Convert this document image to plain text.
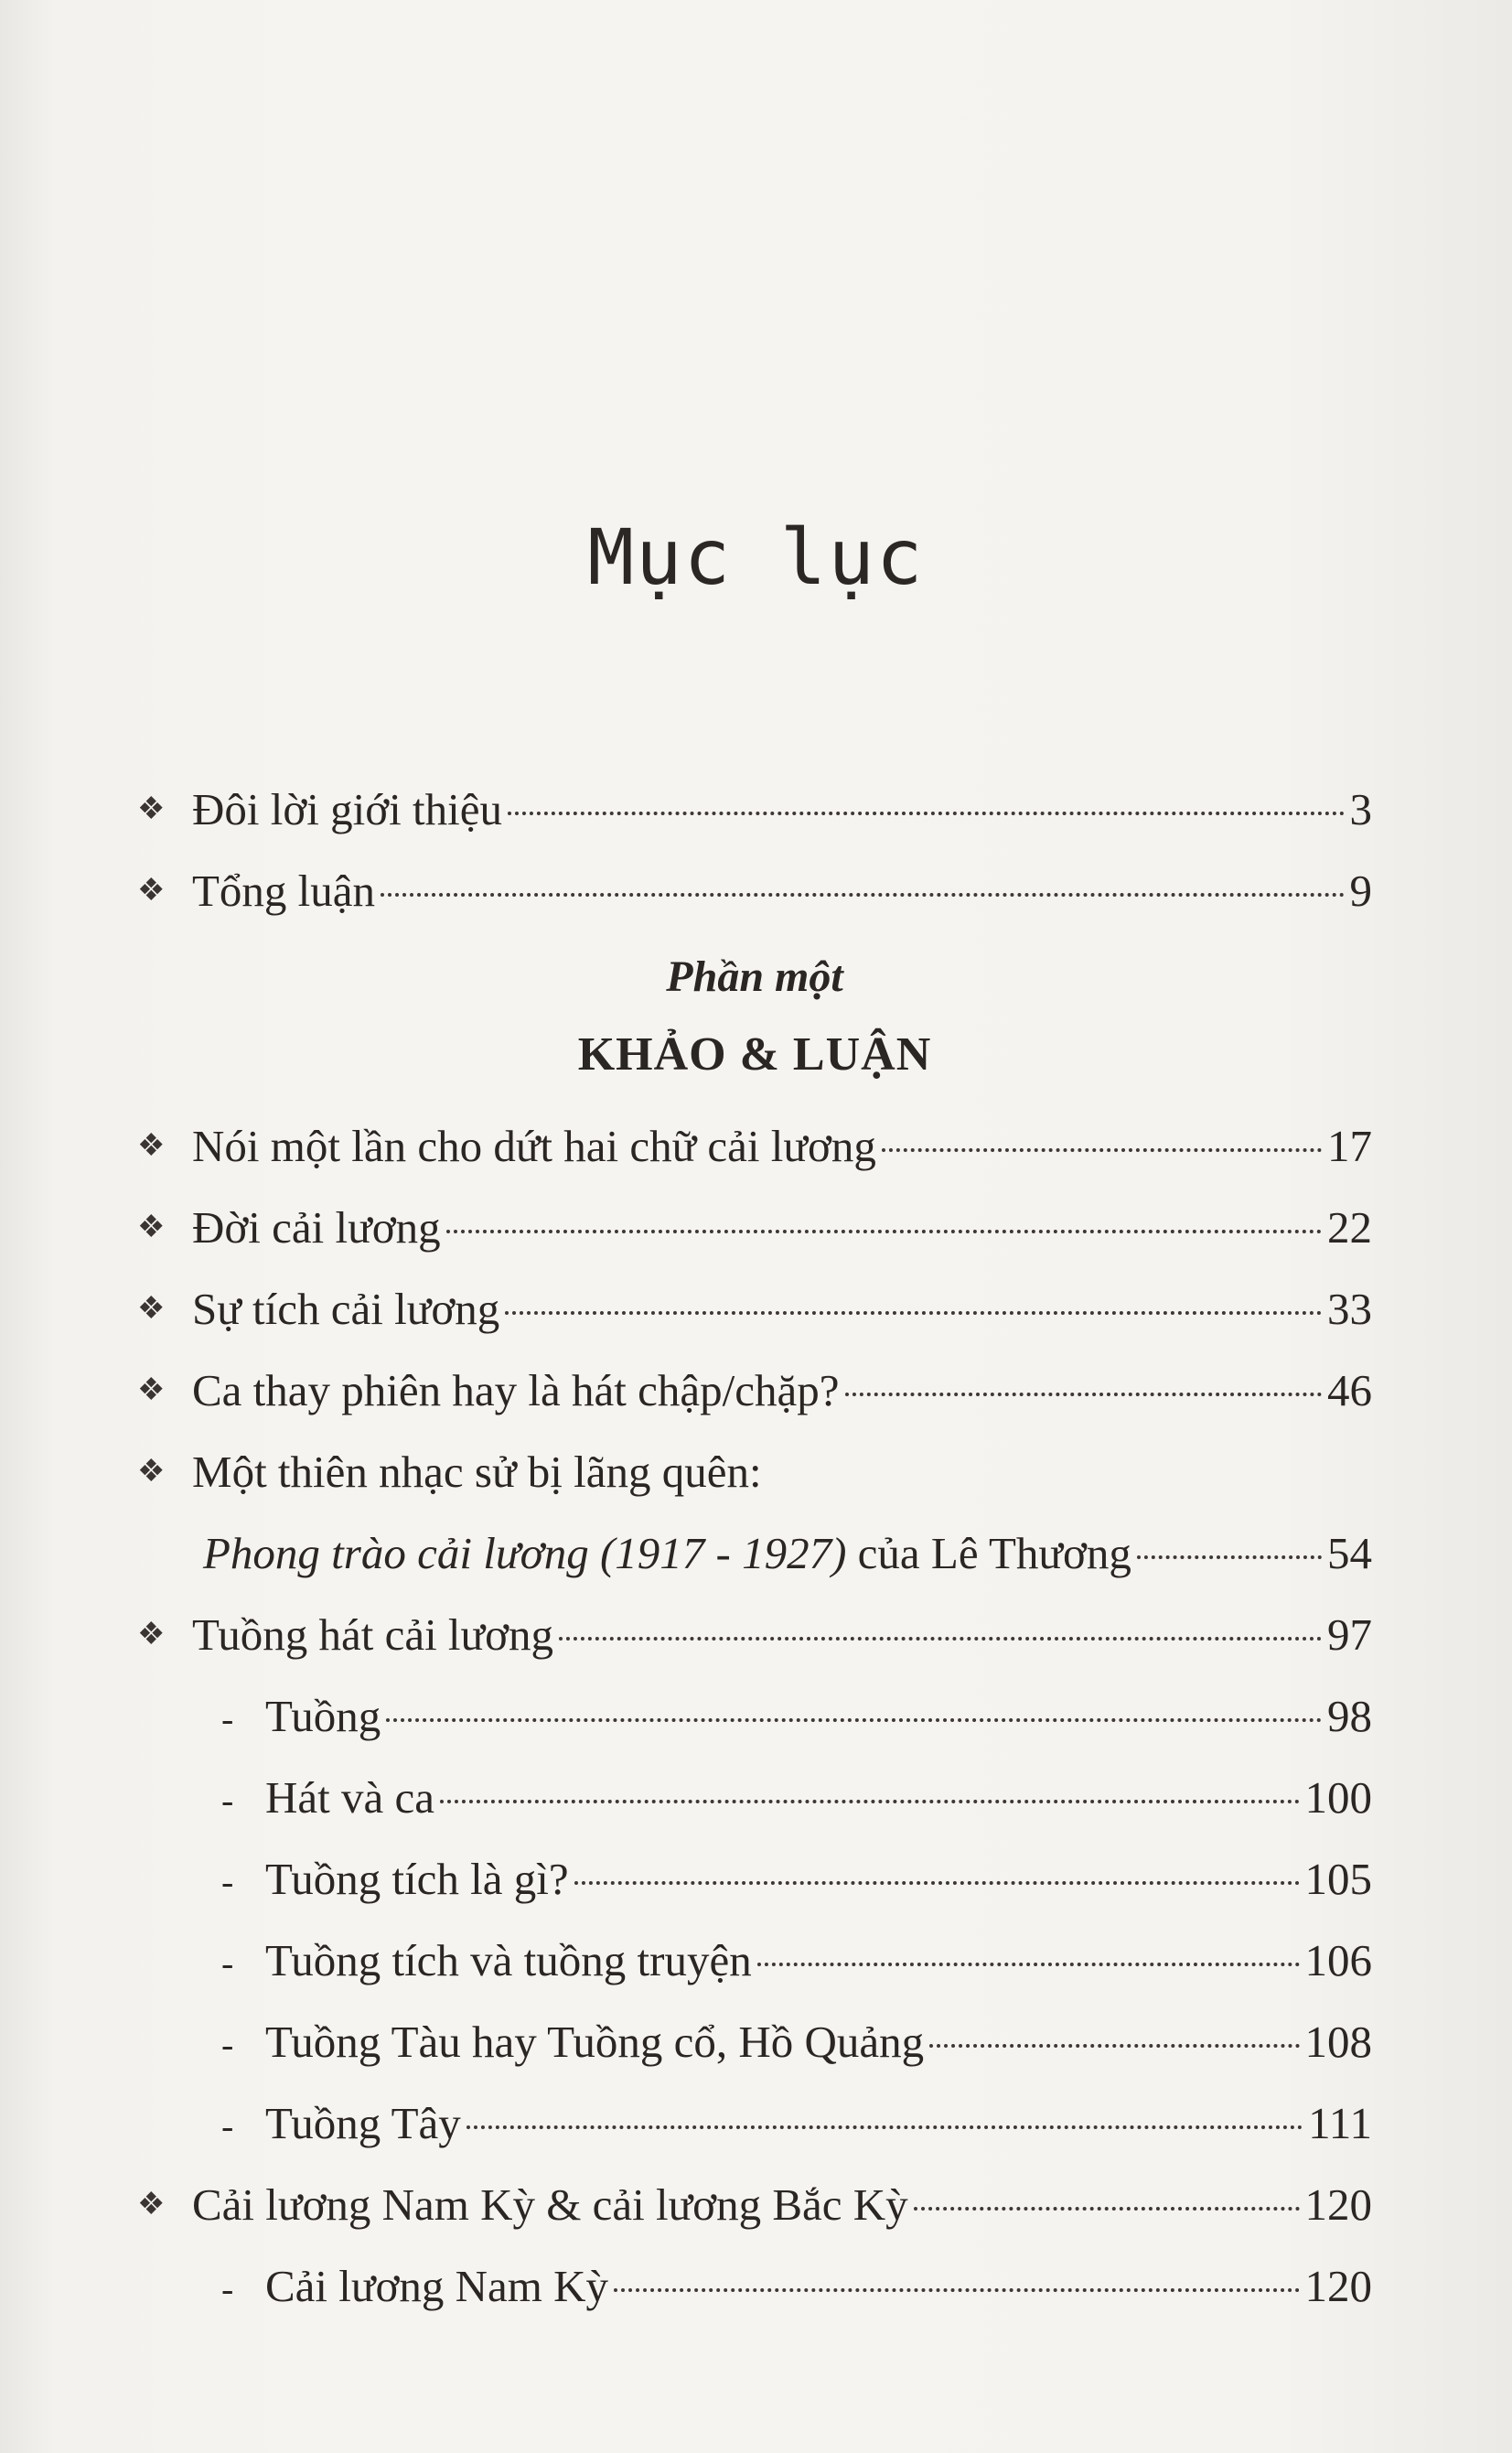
Mục lục
❖ Đôi lời giới thiệu	3
❖ Tổng luận	9
Phần một
KHẢO & LUẬN
❖ Nói một lần cho dứt hai chữ cải lương	17
❖ Đời cải lương	22
❖ Sự tích cải lương	33
❖ Ca thay phiên hay là hát chập/chặp?	46
❖ Một thiên nhạc sử bị lãng quên:
Phong trào cải lương (1917 - 1927) của Lê Thương	54
❖ Tuồng hát cải lương	97
- Tuồng	98
- Hát và ca	100
- Tuồng tích là gì?	105
- Tuồng tích và tuồng truyện	106
- Tuồng Tàu hay Tuồng cổ, Hồ Quảng	108
- Tuồng Tây	111
❖ Cải lương Nam Kỳ & cải lương Bắc Kỳ	120
- Cải lương Nam Kỳ	120
